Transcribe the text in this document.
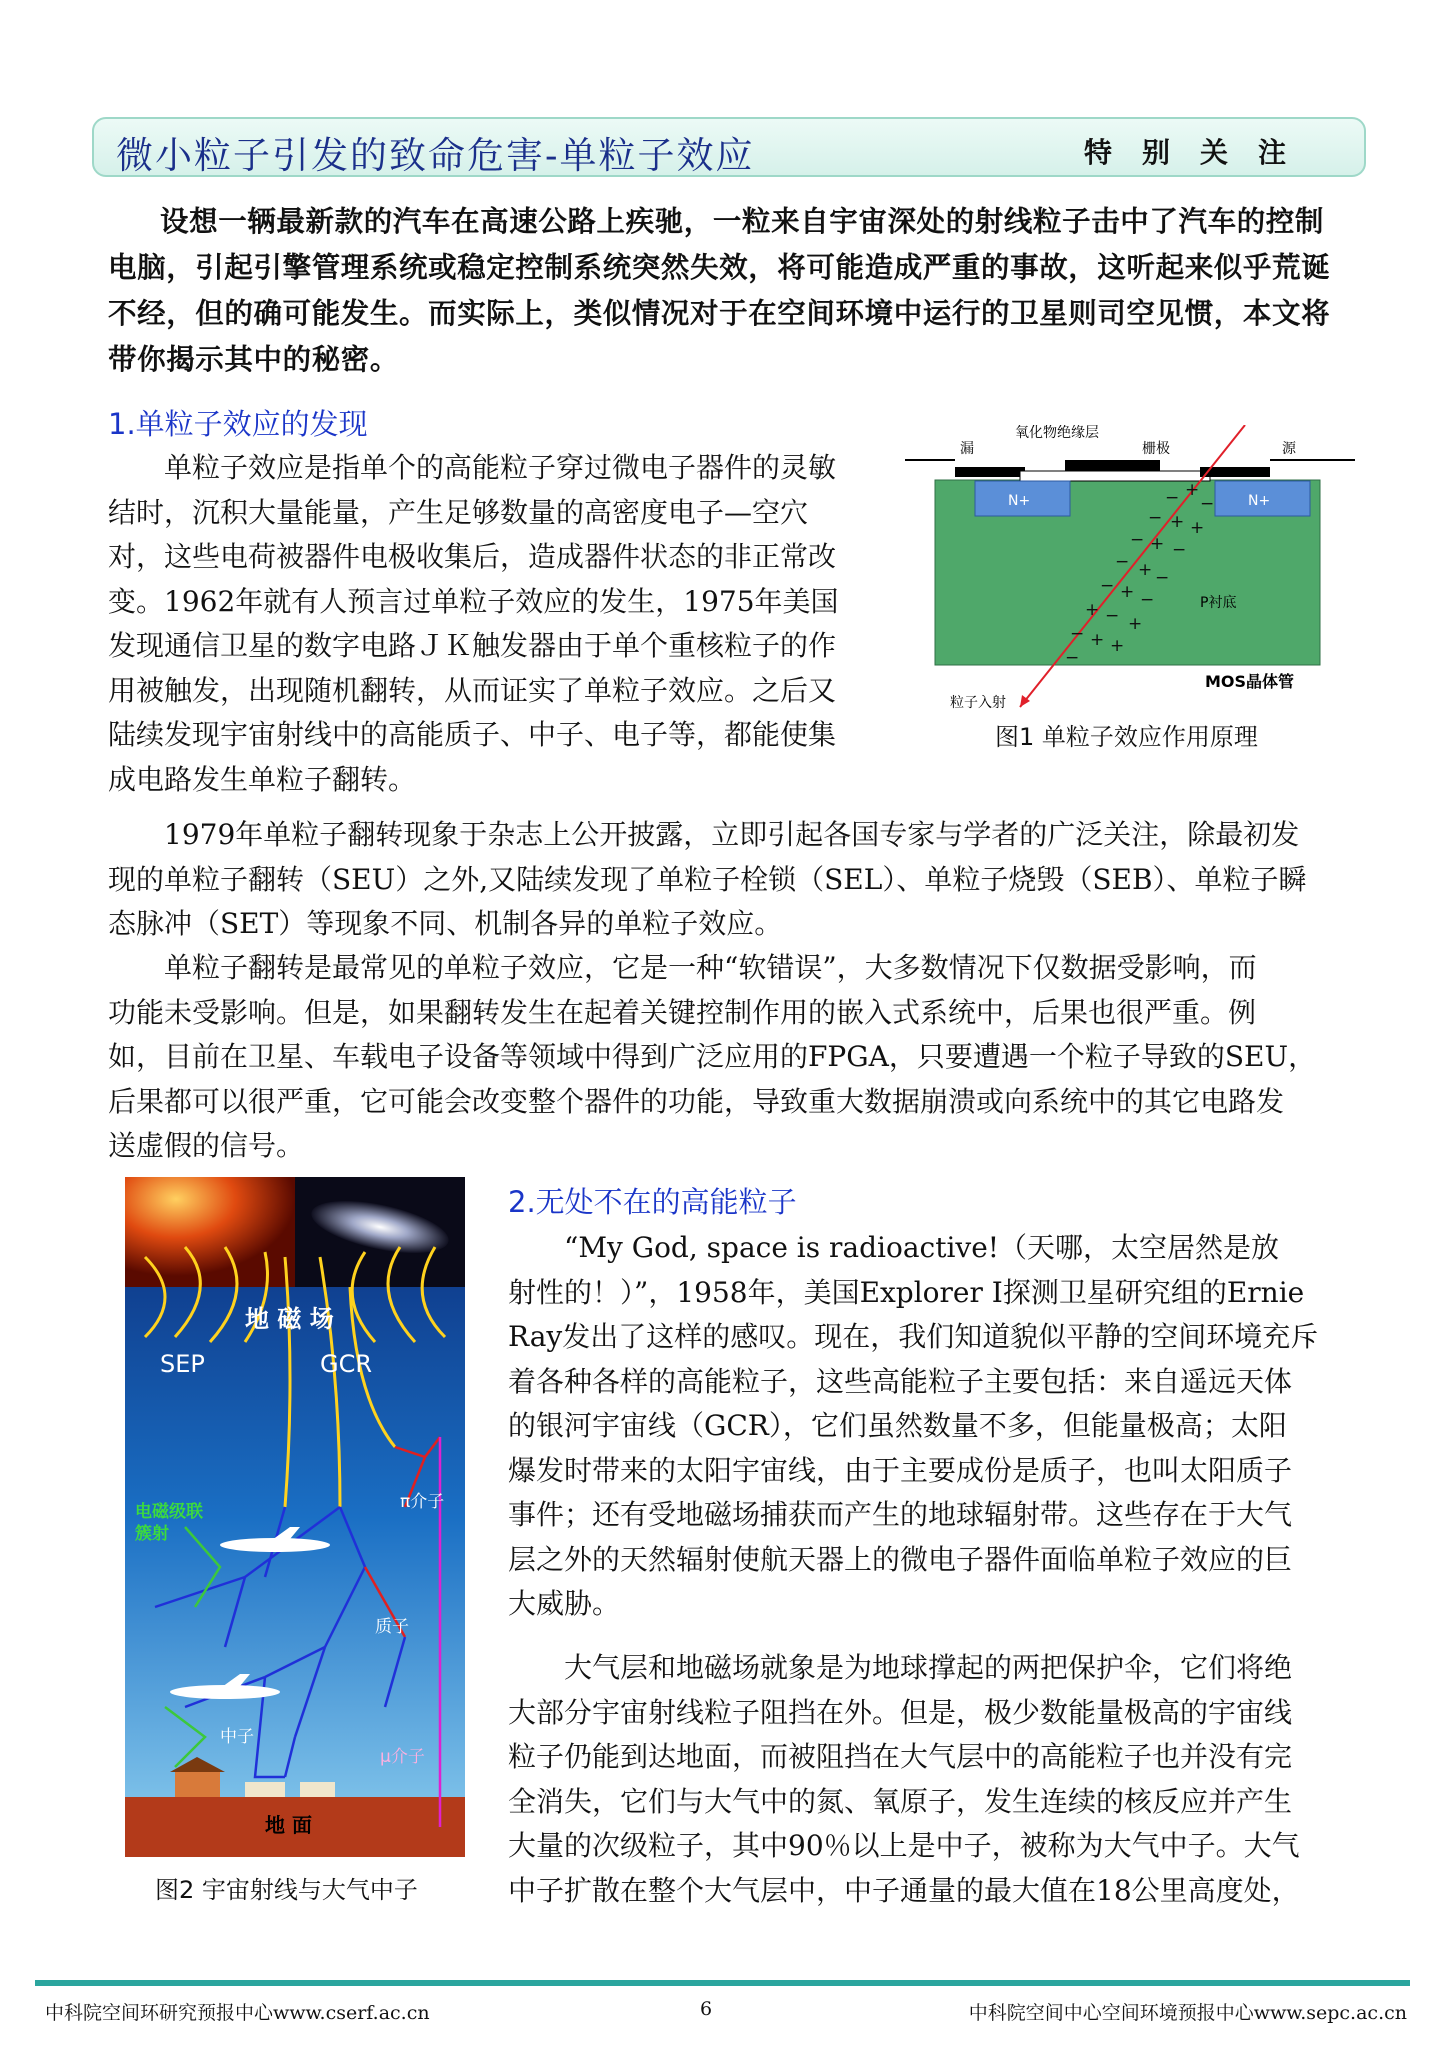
微小粒子引发的致命危害-单粒子效应	特别关注
设想一辆最新款的汽车在高速公路上疾驰，一粒来自宇宙深处的射线粒子击中了汽车的控制
电脑，引起引擎管理系统或稳定控制系统突然失效，将可能造成严重的事故，这听起来似乎荒诞
不经，但的确可能发生。而实际上，类似情况对于在空间环境中运行的卫星则司空见惯，本文将
带你揭示其中的秘密。
1.单粒子效应的发现
单粒子效应是指单个的高能粒子穿过微电子器件的灵敏
结时，沉积大量能量，产生足够数量的高密度电子—空穴
对，这些电荷被器件电极收集后，造成器件状态的非正常改
变。1962年就有人预言过单粒子效应的发生，1975年美国
发现通信卫星的数字电路ＪＫ触发器由于单个重核粒子的作
用被触发，出现随机翻转，从而证实了单粒子效应。之后又
陆续发现宇宙射线中的高能质子、中子、电子等，都能使集
成电路发生单粒子翻转。
− +
−
− + +
− + −
− + −
− + −
+ − +
− + +
−
漏
氧化物绝缘层
栅极	源
N+	N+
P衬底
MOS晶体管
粒子入射
图1 单粒子效应作用原理
1979年单粒子翻转现象于杂志上公开披露，立即引起各国专家与学者的广泛关注，除最初发
现的单粒子翻转（SEU）之外,又陆续发现了单粒子栓锁（SEL）、单粒子烧毁（SEB）、单粒子瞬
态脉冲（SET）等现象不同、机制各异的单粒子效应。
单粒子翻转是最常见的单粒子效应，它是一种“软错误”，大多数情况下仅数据受影响，而
功能未受影响。但是，如果翻转发生在起着关键控制作用的嵌入式系统中，后果也很严重。例
如，目前在卫星、车载电子设备等领域中得到广泛应用的FPGA，只要遭遇一个粒子导致的SEU，
后果都可以很严重，它可能会改变整个器件的功能，导致重大数据崩溃或向系统中的其它电路发
送虚假的信号。
地 磁 场
SEP	GCR
电磁级联
簇射
π介子
质子
中子
μ介子
地 面
图2 宇宙射线与大气中子
2.无处不在的高能粒子
“My God, space is radioactive!（天哪，太空居然是放
射性的！）”，1958年，美国Explorer I探测卫星研究组的Ernie
Ray发出了这样的感叹。现在，我们知道貌似平静的空间环境充斥
着各种各样的高能粒子，这些高能粒子主要包括：来自遥远天体
的银河宇宙线（GCR），它们虽然数量不多，但能量极高；太阳
爆发时带来的太阳宇宙线，由于主要成份是质子，也叫太阳质子
事件；还有受地磁场捕获而产生的地球辐射带。这些存在于大气
层之外的天然辐射使航天器上的微电子器件面临单粒子效应的巨
大威胁。
大气层和地磁场就象是为地球撑起的两把保护伞，它们将绝
大部分宇宙射线粒子阻挡在外。但是，极少数能量极高的宇宙线
粒子仍能到达地面，而被阻挡在大气层中的高能粒子也并没有完
全消失，它们与大气中的氮、氧原子，发生连续的核反应并产生
大量的次级粒子，其中90％以上是中子，被称为大气中子。大气
中子扩散在整个大气层中，中子通量的最大值在18公里高度处，
中科院空间环研究预报中心www.cserf.ac.cn	6	中科院空间中心空间环境预报中心www.sepc.ac.cn
